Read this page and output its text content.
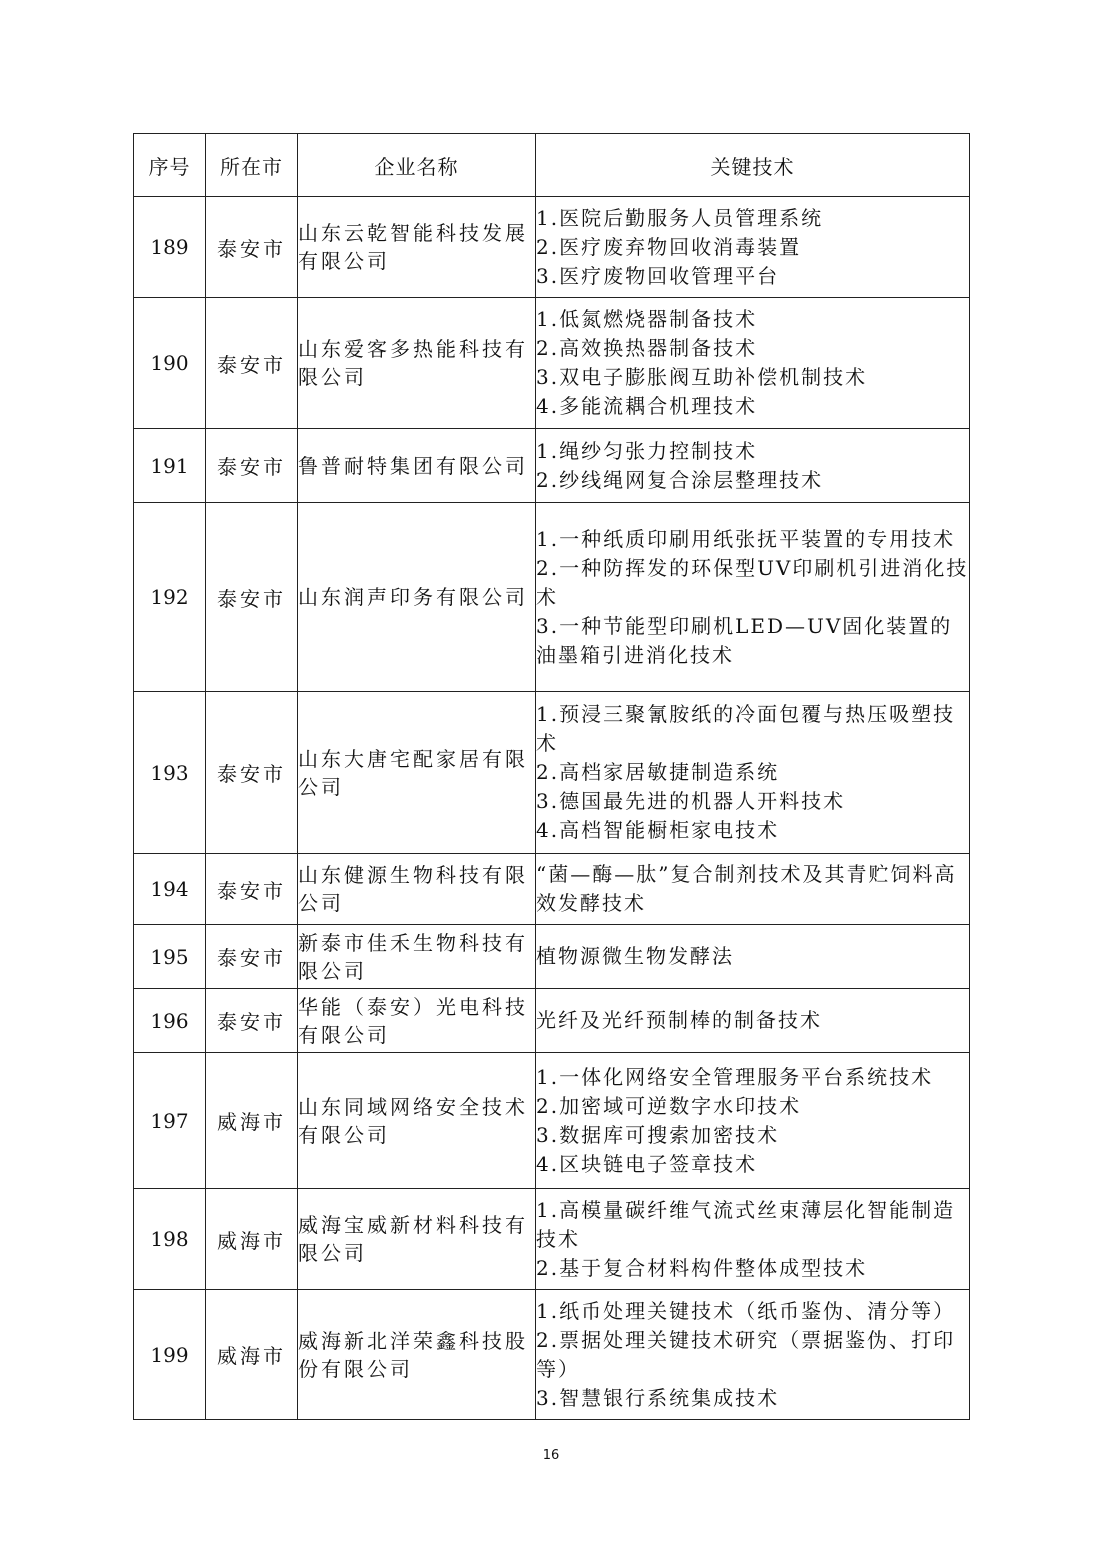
序号	所在市	企业名称	关键技术
189	泰安市	山东云乾智能科技发展有限公司	1.医院后勤服务人员管理系统
2.医疗废弃物回收消毒装置
3.医疗废物回收管理平台

190	泰安市	山东爱客多热能科技有限公司	1.低氮燃烧器制备技术
2.高效换热器制备技术
3.双电子膨胀阀互助补偿机制技术
4.多能流耦合机理技术

191	泰安市	鲁普耐特集团有限公司	1.绳纱匀张力控制技术
2.纱线绳网复合涂层整理技术

192	泰安市	山东润声印务有限公司	1.一种纸质印刷用纸张抚平装置的专用技术
2.一种防挥发的环保型UV印刷机引进消化技术
3.一种节能型印刷机LED—UV固化装置的油墨箱引进消化技术

193	泰安市	山东大唐宅配家居有限公司	1.预浸三聚氰胺纸的冷面包覆与热压吸塑技术
2.高档家居敏捷制造系统
3.德国最先进的机器人开料技术
4.高档智能橱柜家电技术

194	泰安市	山东健源生物科技有限公司	“菌—酶—肽”复合制剂技术及其青贮饲料高效发酵技术

195	泰安市	新泰市佳禾生物科技有限公司	植物源微生物发酵法

196	泰安市	华能（泰安）光电科技有限公司	光纤及光纤预制棒的制备技术

197	威海市	山东同域网络安全技术有限公司	1.一体化网络安全管理服务平台系统技术
2.加密域可逆数字水印技术
3.数据库可搜索加密技术
4.区块链电子签章技术

198	威海市	威海宝威新材料科技有限公司	1.高模量碳纤维气流式丝束薄层化智能制造技术
2.基于复合材料构件整体成型技术

199	威海市	威海新北洋荣鑫科技股份有限公司	1.纸币处理关键技术（纸币鉴伪、清分等）
2.票据处理关键技术研究（票据鉴伪、打印等）
3.智慧银行系统集成技术
16
